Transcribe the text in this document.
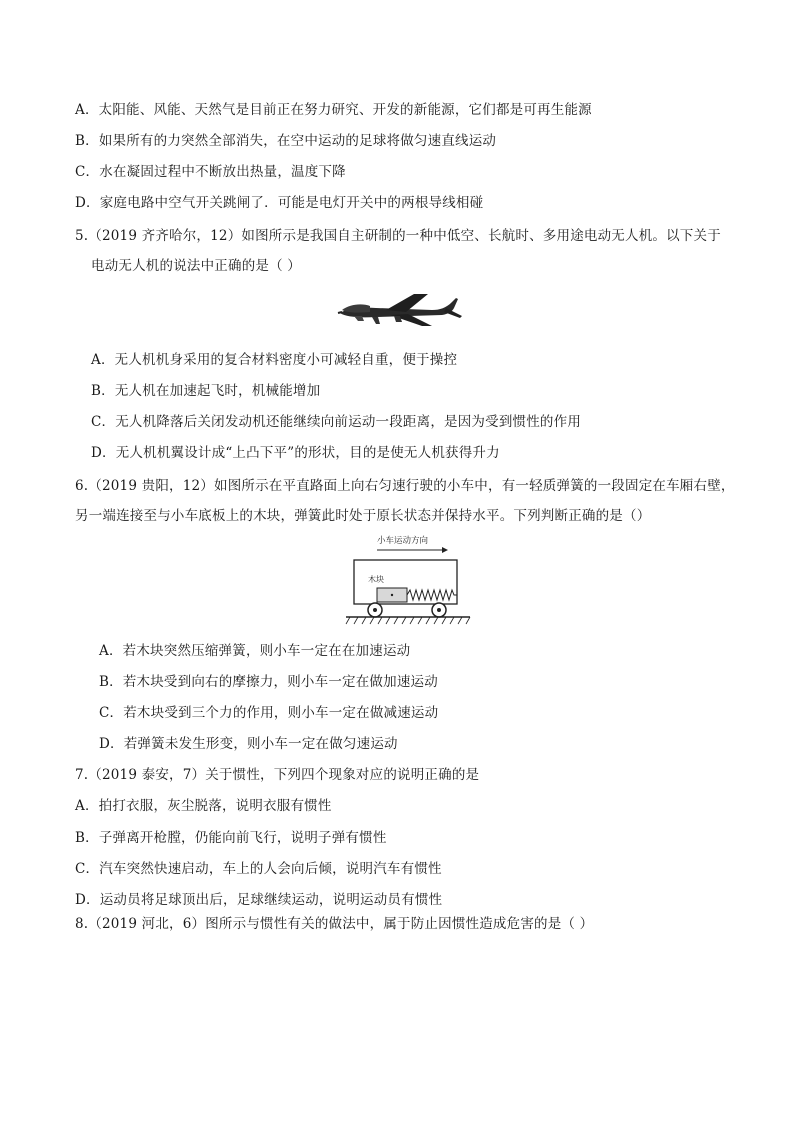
A．太阳能、风能、天然气是目前正在努力研究、开发的新能源，它们都是可再生能源
B．如果所有的力突然全部消失，在空中运动的足球将做匀速直线运动
C．水在凝固过程中不断放出热量，温度下降
D．家庭电路中空气开关跳闸了．可能是电灯开关中的两根导线相碰
5.（2019 齐齐哈尔，12）如图所示是我国自主研制的一种中低空、长航时、多用途电动无人机。以下关于
电动无人机的说法中正确的是（ ）
A．无人机机身采用的复合材料密度小可减轻自重，便于操控
B．无人机在加速起飞时，机械能增加
C．无人机降落后关闭发动机还能继续向前运动一段距离，是因为受到惯性的作用
D．无人机机翼设计成“上凸下平”的形状，目的是使无人机获得升力
6.（2019 贵阳，12）如图所示在平直路面上向右匀速行驶的小车中，有一轻质弹簧的一段固定在车厢右壁，
另一端连接至与小车底板上的木块，弹簧此时处于原长状态并保持水平。下列判断正确的是（）
小车运动方向
木块
A．若木块突然压缩弹簧，则小车一定在在加速运动
B．若木块受到向右的摩擦力，则小车一定在做加速运动
C．若木块受到三个力的作用，则小车一定在做减速运动
D．若弹簧未发生形变，则小车一定在做匀速运动
7.（2019 泰安，7）关于惯性，下列四个现象对应的说明正确的是
A．拍打衣服，灰尘脱落，说明衣服有惯性
B．子弹离开枪膛，仍能向前飞行，说明子弹有惯性
C．汽车突然快速启动，车上的人会向后倾，说明汽车有惯性
D．运动员将足球顶出后，足球继续运动，说明运动员有惯性
8.（2019 河北，6）图所示与惯性有关的做法中，属于防止因惯性造成危害的是（ ）
